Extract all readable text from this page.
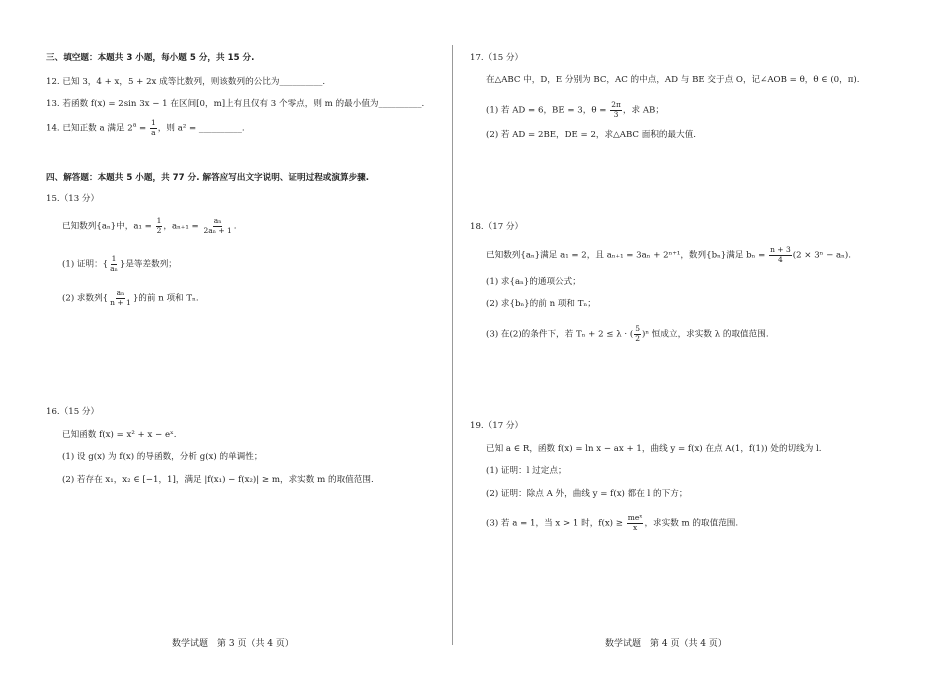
三、填空题：本题共 3 小题，每小题 5 分，共 15 分.
12. 已知 3，4 + x，5 + 2x 成等比数列，则该数列的公比为__________.
13. 若函数 f(x) = 2sin 3x − 1 在区间[0，m]上有且仅有 3 个零点，则 m 的最小值为__________.
14. 已知正数 a 满足 $2^a = \frac{1}{a}$ ，则 a² = __________.
四、解答题：本题共 5 小题，共 77 分. 解答应写出文字说明、证明过程或演算步骤.
15.（13 分）
已知数列{aₙ}中，$a_1 = \frac{1}{2}$ ，$a_{n+1} = \frac{\text{aₙ}}{\text{2aₙ + 1}}$ .
(1) 证明：{ $\frac{1}{\text{aₙ}}$ }是等差数列；
(2) 求数列{ $\frac{\text{aₙ}}{n + 1}$ }的前 n 项和 Tₙ.
16.（15 分）
已知函数 f(x) = x² + x − eˣ.
(1) 设 g(x) 为 f(x) 的导函数，分析 g(x) 的单调性；
(2) 若存在 x₁，x₂ ∈ [−1，1]，满足 |f(x₁) − f(x₂)| ≥ m，求实数 m 的取值范围.
数学试题　第 3 页（共 4 页）
17.（15 分）
在△ABC 中，D，E 分别为 BC，AC 的中点，AD 与 BE 交于点 O，记∠AOB = θ，θ ∈ (0，π).
(1) 若 AD = 6，BE = 3，$\theta = \frac{2\pi}{3}$ ，求 AB；
(2) 若 AD = 2BE，DE = 2，求△ABC 面积的最大值.
18.（17 分）
已知数列{aₙ}满足 a₁ = 2，且 aₙ₊₁ = 3aₙ + 2ⁿ⁺¹，数列{bₙ}满足 $b_n = \frac{n + 3}{4} (2 \times 3^n - a_n)$.
(1) 求{aₙ}的通项公式；
(2) 求{bₙ}的前 n 项和 Tₙ；
(3) 在(2)的条件下，若 Tₙ + 2 ≤ λ · ( $\frac{5}{2} )^n$ 恒成立，求实数 λ 的取值范围.
19.（17 分）
已知 a ∈ R，函数 f(x) = ln x − ax + 1，曲线 y = f(x) 在点 A(1，f(1)) 处的切线为 l.
(1) 证明：l 过定点；
(2) 证明：除点 A 外，曲线 y = f(x) 都在 l 的下方；
(3) 若 a = 1，当 x > 1 时，$f(x) \ge \frac{\text{meˣ}}{x}$ ，求实数 m 的取值范围.
数学试题　第 4 页（共 4 页）
